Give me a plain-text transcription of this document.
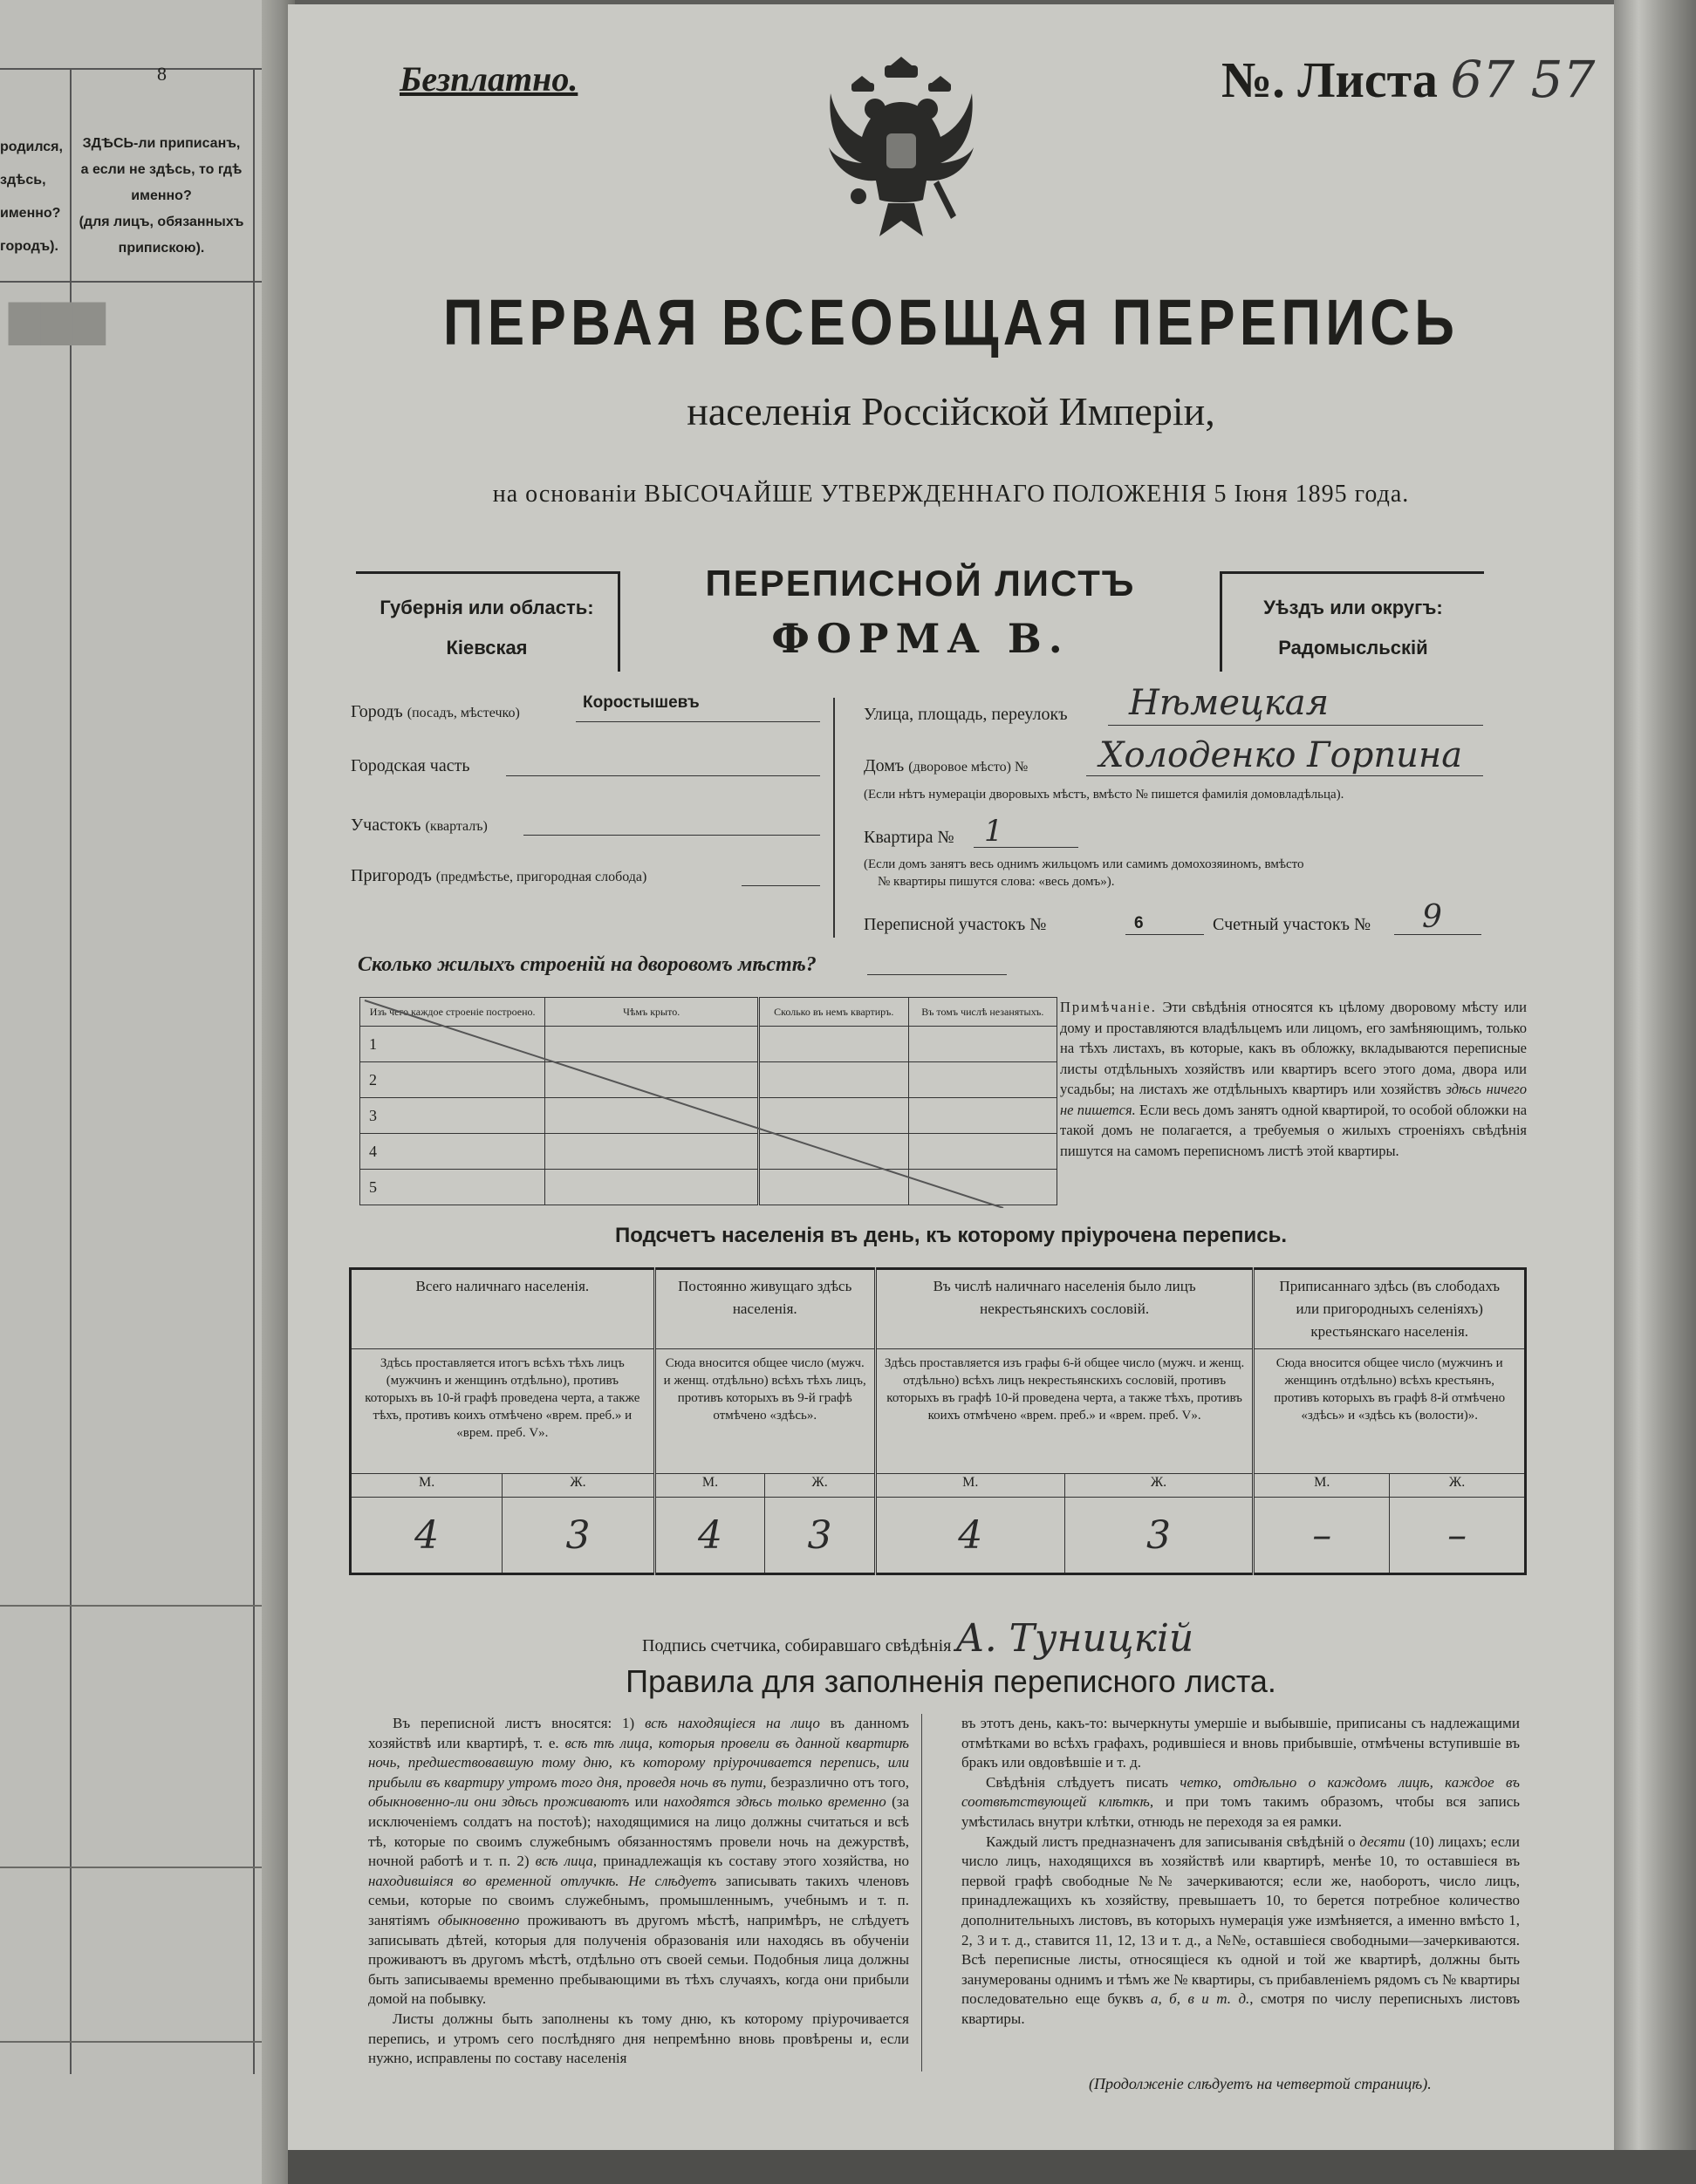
8
родился,
здѣсь,
именно?
городъ).
ЗДѢСЬ-ли приписанъ,
а если не здѣсь, то гдѣ
именно?
(для лицъ, обязанныхъ
припискою).
▇▇▇
Безплатно.	№. Листа 67 57
ПЕРВАЯ ВСЕОБЩАЯ ПЕРЕПИСЬ
населенія Россійской Имперіи,
на основаніи ВЫСОЧАЙШЕ УТВЕРЖДЕННАГО ПОЛОЖЕНІЯ 5 Іюня 1895 года.
Губернія или область:
Кіевская
ПЕРЕПИСНОЙ ЛИСТЪ
ФОРМА В.
Уѣздъ или округъ:
Радомысльскій
Городъ (посадъ, мѣстечко)
Коростышевъ
Городская часть
Участокъ (кварталъ)
Пригородъ (предмѣстье, пригородная слобода)
Улица, площадь, переулокъ Нѣмецкая
Домъ (дворовое мѣсто) № Холоденко Горпина
(Если нѣтъ нумераціи дворовыхъ мѣстъ, вмѣсто № пишется фамилія домовладѣльца).
Квартира № 1
(Если домъ занятъ весь однимъ жильцомъ или самимъ домохозяиномъ, вмѣсто
№ квартиры пишутся слова: «весь домъ»).
Переписной участокъ №	6	Счетный участокъ № 9
Сколько жилыхъ строеній на дворовомъ мѣстѣ?
Изъ чего каждое строеніе построено.	Чѣмъ крыто.	Сколько въ немъ квартиръ.	Въ томъ числѣ незанятыхъ.
1			
2			
3			
4			
5			
Примѣчаніе. Эти свѣдѣнія относятся къ цѣлому дворовому мѣсту или дому и проставляются владѣльцемъ или лицомъ, его замѣняющимъ, только на тѣхъ листахъ, въ которые, какъ въ обложку, вкладываются переписные листы отдѣльныхъ хозяйствъ или квартиръ всего этого дома, двора или усадьбы; на листахъ же отдѣльныхъ квартиръ или хозяйствъ здѣсь ничего не пишется. Если весь домъ занятъ одной квартирой, то особой обложки на такой домъ не полагается, а требуемыя о жилыхъ строеніяхъ свѣдѣнія пишутся на самомъ переписномъ листѣ этой квартиры.
Подсчетъ населенія въ день, къ которому пріурочена перепись.
Всего наличнаго населенія.		Постоянно живущаго здѣсь населенія.		Въ числѣ наличнаго населенія было лицъ некрестьянскихъ сословій.		Приписаннаго здѣсь (въ слободахъ или пригородныхъ селеніяхъ) крестьянскаго населенія.	
Здѣсь проставляется итогъ всѣхъ тѣхъ лицъ (мужчинъ и женщинъ отдѣльно), противъ которыхъ въ 10-й графѣ проведена черта, а также тѣхъ, противъ коихъ отмѣчено «врем. преб.» и «врем. преб. V».		Сюда вносится общее число (мужч. и женщ. отдѣльно) всѣхъ тѣхъ лицъ, противъ которыхъ въ 9-й графѣ отмѣчено «здѣсь».		Здѣсь проставляется изъ графы 6-й общее число (мужч. и женщ. отдѣльно) всѣхъ лицъ некрестьянскихъ сословій, противъ которыхъ въ графѣ 10-й проведена черта, а также тѣхъ, противъ коихъ отмѣчено «врем. преб.» и «врем. преб. V».		Сюда вносится общее число (мужчинъ и женщинъ отдѣльно) всѣхъ крестьянъ, противъ которыхъ въ графѣ 8-й отмѣчено «здѣсь» и «здѣсь къ (волости)».	
М.	Ж.	М.	Ж.	М.	Ж.	М.	Ж.
4	3	4	3	4	3	–	–
Подпись счетчика, собиравшаго свѣдѣнія А. Туницкій
Правила для заполненія переписного листа.

Въ переписной листъ вносятся: 1) всѣ находящіеся на лицо въ данномъ хозяйствѣ или квартирѣ, т. е. всѣ тѣ лица, которыя провели въ данной квартирѣ ночь, предшествовавшую тому дню, къ которому пріурочивается перепись, или прибыли въ квартиру утромъ того дня, проведя ночь въ пути, безразлично отъ того, обыкновенно-ли они здѣсь проживаютъ или находятся здѣсь только временно (за исключеніемъ солдатъ на постоѣ); находящимися на лицо должны считаться и всѣ тѣ, которые по своимъ служебнымъ обязанностямъ провели ночь на дежурствѣ, ночной работѣ и т. п. 2) всѣ лица, принадлежащія къ составу этого хозяйства, но находившіяся во временной отлучкѣ. Не слѣдуетъ записывать такихъ членовъ семьи, которые по своимъ служебнымъ, промышленнымъ, учебнымъ и т. п. занятіямъ обыкновенно проживаютъ въ другомъ мѣстѣ, напримѣръ, не слѣдуетъ записывать дѣтей, которыя для полученія образованія или находясь въ обученіи проживаютъ въ другомъ мѣстѣ, отдѣльно отъ своей семьи. Подобныя лица должны быть записываемы временно пребывающими въ тѣхъ случаяхъ, когда они прибыли домой на побывку.

Листы должны быть заполнены къ тому дню, къ которому пріурочивается перепись, и утромъ сего послѣдняго дня непремѣнно вновь провѣрены и, если нужно, исправлены по составу населенія

въ этотъ день, какъ-то: вычеркнуты умершіе и выбывшіе, приписаны съ надлежащими отмѣтками во всѣхъ графахъ, родившіеся и вновь прибывшіе, отмѣчены вступившіе въ бракъ или овдовѣвшіе и т. д.

Свѣдѣнія слѣдуетъ писать четко, отдѣльно о каждомъ лицѣ, каждое въ соотвѣтствующей клѣткѣ, и при томъ такимъ образомъ, чтобы вся запись умѣстилась внутри клѣтки, отнюдь не переходя за ея рамки.

Каждый листъ предназначенъ для записыванія свѣдѣній о десяти (10) лицахъ; если число лицъ, находящихся въ хозяйствѣ или квартирѣ, менѣе 10, то оставшіеся въ первой графѣ свободные №№ зачеркиваются; если же, наоборотъ, число лицъ, принадлежащихъ къ хозяйству, превышаетъ 10, то берется потребное количество дополнительныхъ листовъ, въ которыхъ нумерація уже измѣняется, а именно вмѣсто 1, 2, 3 и т. д., ставится 11, 12, 13 и т. д., а №№, оставшіеся свободными—зачеркиваются. Всѣ переписные листы, относящіеся къ одной и той же квартирѣ, должны быть занумерованы однимъ и тѣмъ же № квартиры, съ прибавленіемъ рядомъ съ № квартиры последовательно еще буквъ а, б, в и т. д., смотря по числу переписныхъ листовъ квартиры.

(Продолженіе слѣдуетъ на четвертой страницѣ).
